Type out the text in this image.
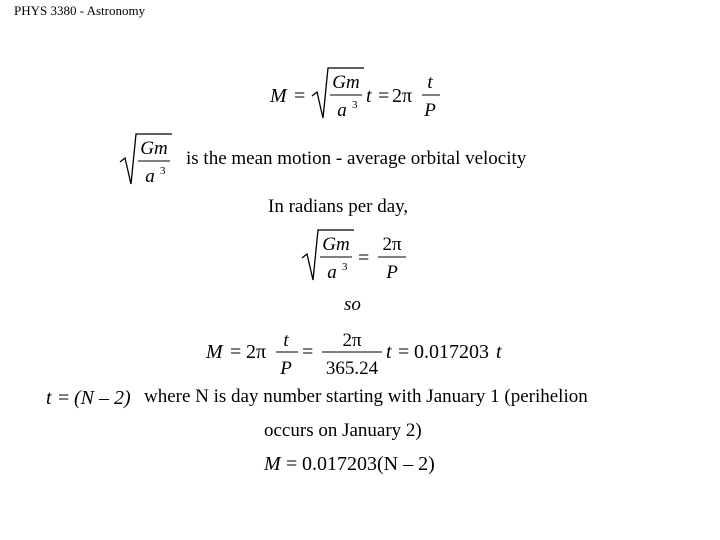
PHYS 3380 - Astronomy
M =
Gm
a 3 t = 2π
t
P
Gm
a 3
is the mean motion - average orbital velocity
In radians per day,
Gm
a 3 =
2π
P
so
M = 2π
t
P
=
2π
365.24
t = 0.017203 t
t = (N – 2) where N is day number starting with January 1 (perihelion
occurs on January 2)
M = 0.017203(N – 2)
